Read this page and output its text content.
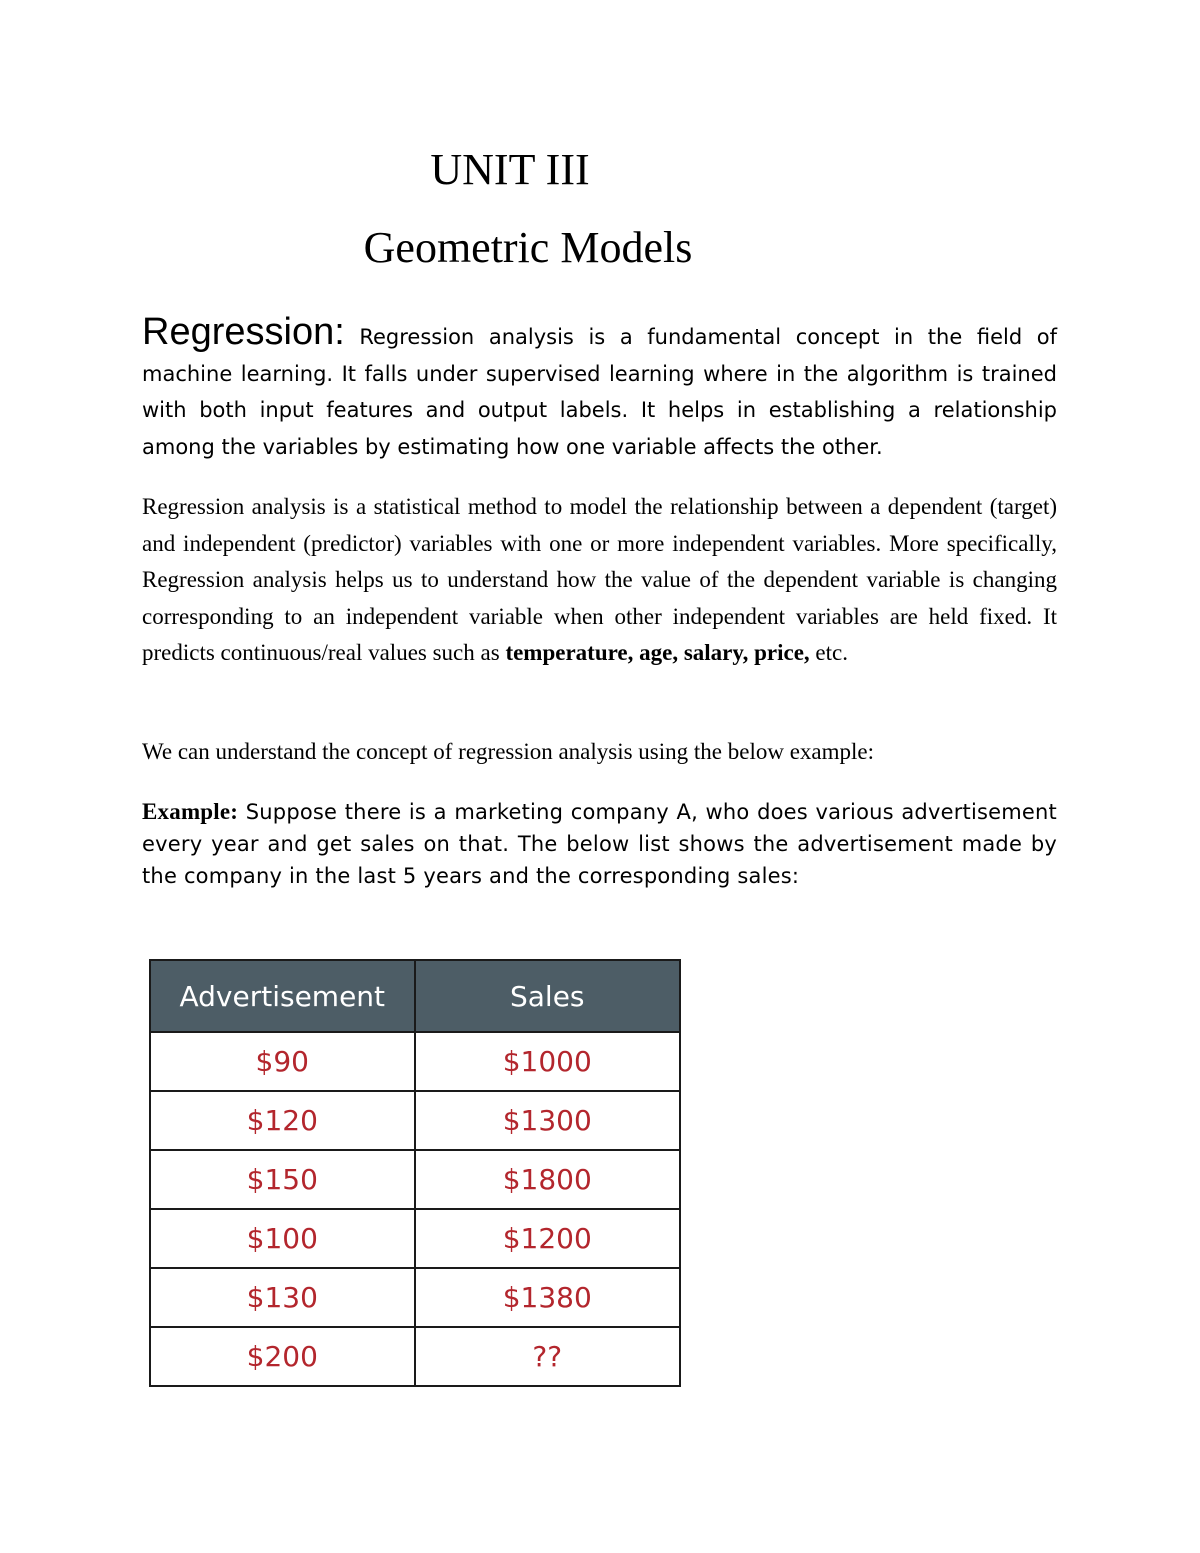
UNIT III
Geometric Models

Regression: Regression analysis is a fundamental concept in the field of machine learning. It falls under supervised learning where in the algorithm is trained with both input features and output labels. It helps in establishing a relationship among the variables by estimating how one variable affects the other.

Regression analysis is a statistical method to model the relationship between a dependent (target) and independent (predictor) variables with one or more independent variables. More specifically, Regression analysis helps us to understand how the value of the dependent variable is changing corresponding to an independent variable when other independent variables are held fixed. It predicts continuous/real values such as temperature, age, salary, price, etc.

We can understand the concept of regression analysis using the below example:

Example: Suppose there is a marketing company A, who does various advertisement every year and get sales on that. The below list shows the advertisement made by the company in the last 5 years and the corresponding sales:

Advertisement	Sales
$90	$1000
$120	$1300
$150	$1800
$100	$1200
$130	$1380
$200	??
